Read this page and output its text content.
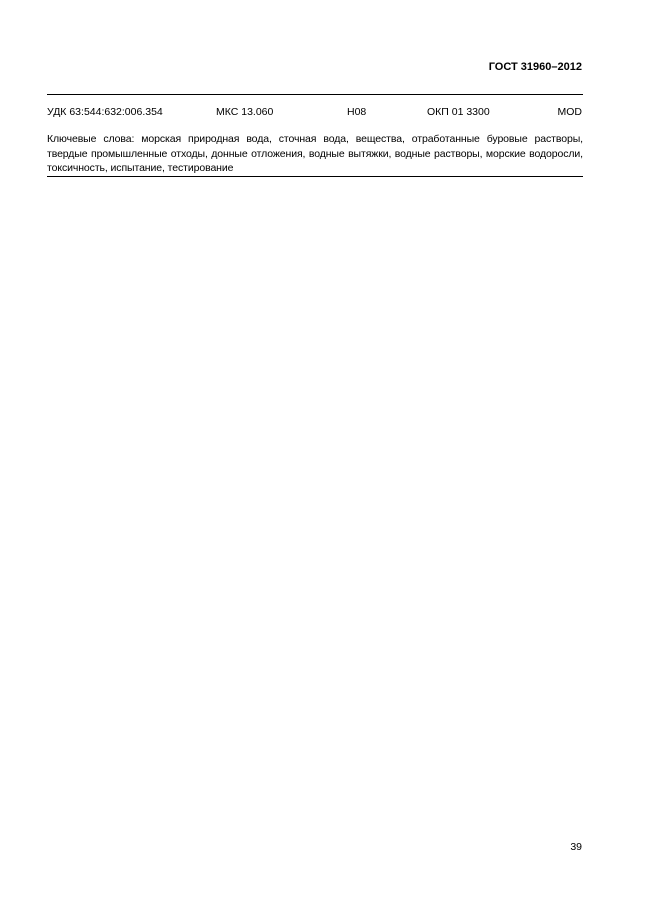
ГОСТ 31960–2012
УДК 63:544:632:006.354	МКС 13.060	Н08	ОКП 01 3300	MOD
Ключевые слова: морская природная вода, сточная вода, вещества, отработанные буровые растворы, твердые промышленные отходы, донные отложения, водные вытяжки, водные растворы, морские водоросли, токсичность, испытание, тестирование
39
